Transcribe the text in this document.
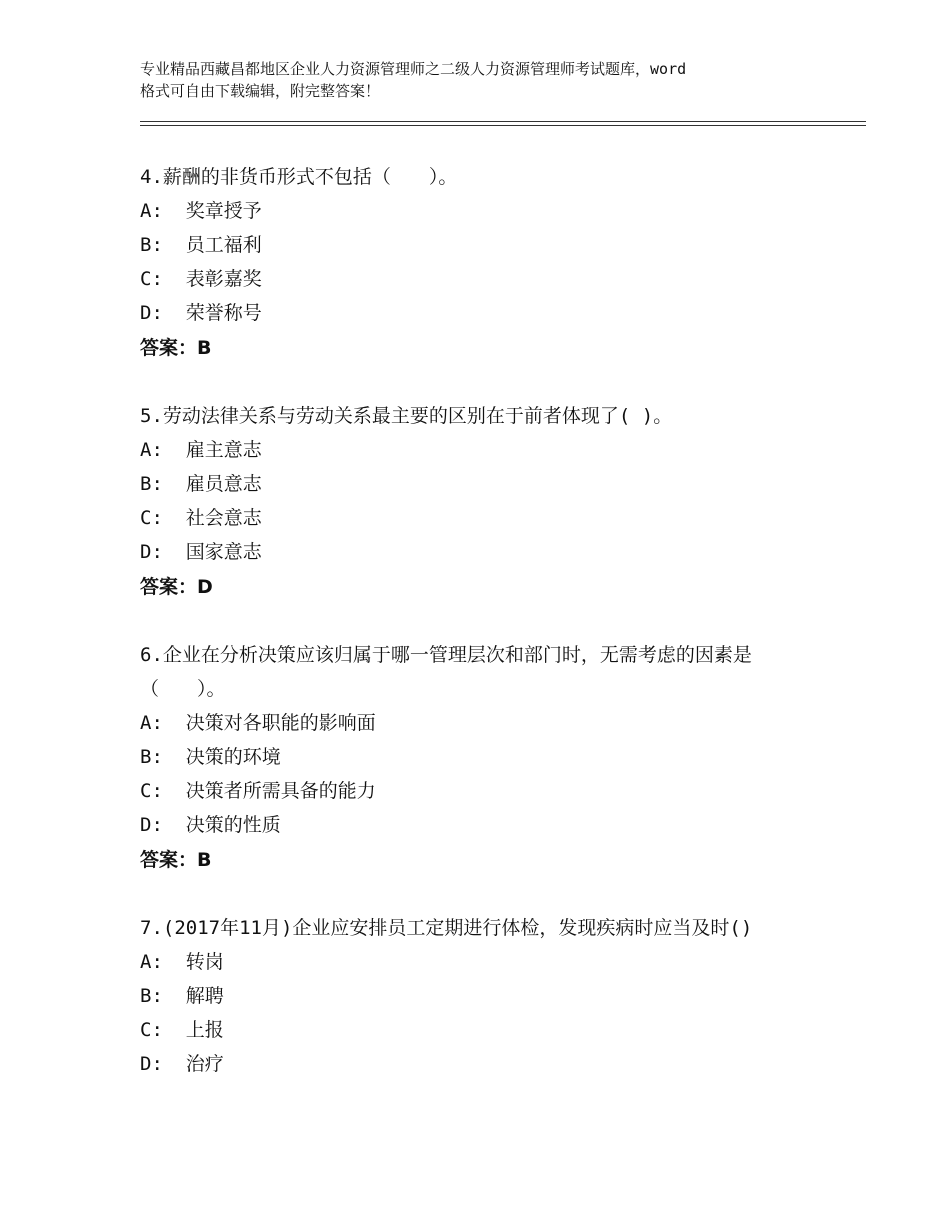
专业精品西藏昌都地区企业人力资源管理师之二级人力资源管理师考试题库，word
格式可自由下载编辑，附完整答案！

4.薪酬的非货币形式不包括（　　）。

A:  奖章授予

B:  员工福利

C:  表彰嘉奖

D:  荣誉称号

答案：B

5.劳动法律关系与劳动关系最主要的区别在于前者体现了( )。

A:  雇主意志

B:  雇员意志

C:  社会意志

D:  国家意志

答案：D

6.企业在分析决策应该归属于哪一管理层次和部门时，无需考虑的因素是（　　）。

A:  决策对各职能的影响面

B:  决策的环境

C:  决策者所需具备的能力

D:  决策的性质

答案：B

7.(2017年11月)企业应安排员工定期进行体检，发现疾病时应当及时()

A:  转岗

B:  解聘

C:  上报

D:  治疗
